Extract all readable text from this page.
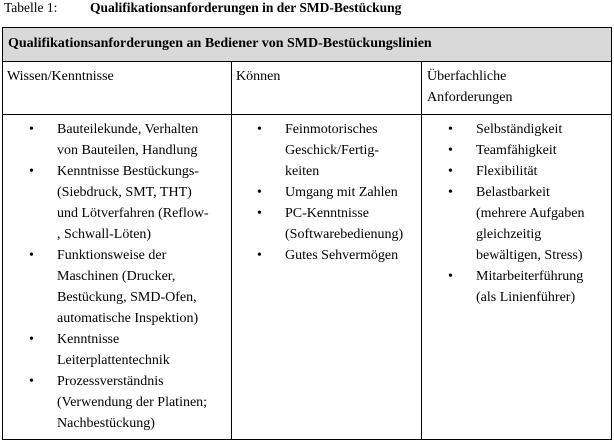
Tabelle 1: Qualifikationsanforderungen in der SMD-Bestückung
Qualifikationsanforderungen an Bediener von SMD-Bestückungslinien
Wissen/Kenntnisse	Können	Überfachliche
Anforderungen
• Bauteilekunde, Verhalten
von Bauteilen, Handlung
• Kenntnisse Bestückungs-
(Siebdruck, SMT, THT)
und Lötverfahren (Reflow-
, Schwall-Löten)
• Funktionsweise der
Maschinen (Drucker,
Bestückung, SMD-Ofen,
automatische Inspektion)
• Kenntnisse
Leiterplattentechnik
• Prozessverständnis
(Verwendung der Platinen;
Nachbestückung)
• Feinmotorisches
Geschick/Fertig-
keiten
• Umgang mit Zahlen
• PC-Kenntnisse
(Softwarebedienung)
• Gutes Sehvermögen
• Selbständigkeit
• Teamfähigkeit
• Flexibilität
• Belastbarkeit
(mehrere Aufgaben
gleichzeitig
bewältigen, Stress)
• Mitarbeiterführung
(als Linienführer)
